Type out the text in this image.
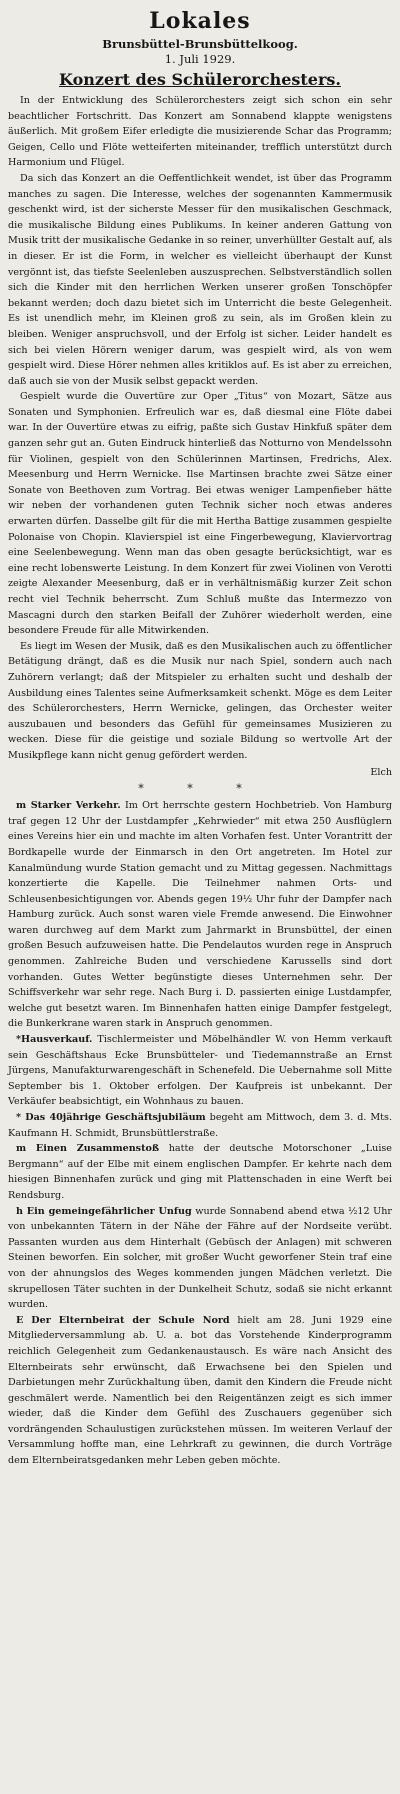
Lokales
Brunsbüttel-Brunsbüttelkoog.
1. Juli 1929.
Konzert des Schülerorchesters.

In der Entwicklung des Schülerorchesters zeigt sich schon ein sehr beachtlicher Fortschritt. Das Konzert am Sonnabend klappte wenigstens äußerlich. Mit großem Eifer erledigte die musizierende Schar das Programm; Geigen, Cello und Flöte wetteiferten miteinander, trefflich unterstützt durch Harmonium und Flügel.

Da sich das Konzert an die Oeffentlichkeit wendet, ist über das Programm manches zu sagen. Die Interesse, welches der sogenannten Kammermusik geschenkt wird, ist der sicherste Messer für den musikalischen Geschmack, die musikalische Bildung eines Publikums. In keiner anderen Gattung von Musik tritt der musikalische Gedanke in so reiner, unverhüllter Gestalt auf, als in dieser. Er ist die Form, in welcher es vielleicht überhaupt der Kunst vergönnt ist, das tiefste Seelenleben auszusprechen. Selbstverständlich sollen sich die Kinder mit den herrlichen Werken unserer großen Tonschöpfer bekannt werden; doch dazu bietet sich im Unterricht die beste Gelegenheit. Es ist unendlich mehr, im Kleinen groß zu sein, als im Großen klein zu bleiben. Weniger anspruchsvoll, und der Erfolg ist sicher. Leider handelt es sich bei vielen Hörern weniger darum, was gespielt wird, als von wem gespielt wird. Diese Hörer nehmen alles kritiklos auf. Es ist aber zu erreichen, daß auch sie von der Musik selbst gepackt werden.

Gespielt wurde die Ouvertüre zur Oper „Titus“ von Mozart, Sätze aus Sonaten und Symphonien. Erfreulich war es, daß diesmal eine Flöte dabei war. In der Ouvertüre etwas zu eifrig, paßte sich Gustav Hinkfuß später dem ganzen sehr gut an. Guten Eindruck hinterließ das Notturno von Mendelssohn für Violinen, gespielt von den Schülerinnen Martinsen, Fredrichs, Alex. Meesenburg und Herrn Wernicke. Ilse Martinsen brachte zwei Sätze einer Sonate von Beethoven zum Vortrag. Bei etwas weniger Lampenfieber hätte wir neben der vorhandenen guten Technik sicher noch etwas anderes erwarten dürfen. Dasselbe gilt für die mit Hertha Battige zusammen gespielte Polonaise von Chopin. Klavierspiel ist eine Fingerbewegung, Klaviervortrag eine Seelenbewegung. Wenn man das oben gesagte berücksichtigt, war es eine recht lobenswerte Leistung. In dem Konzert für zwei Violinen von Verotti zeigte Alexander Meesenburg, daß er in verhältnismäßig kurzer Zeit schon recht viel Technik beherrscht. Zum Schluß mußte das Intermezzo von Mascagni durch den starken Beifall der Zuhörer wiederholt werden, eine besondere Freude für alle Mitwirkenden.

Es liegt im Wesen der Musik, daß es den Musikalischen auch zu öffentlicher Betätigung drängt, daß es die Musik nur nach Spiel, sondern auch nach Zuhörern verlangt; daß der Mitspieler zu erhalten sucht und deshalb der Ausbildung eines Talentes seine Aufmerksamkeit schenkt. Möge es dem Leiter des Schülerorchesters, Herrn Wernicke, gelingen, das Orchester weiter auszubauen und besonders das Gefühl für gemeinsames Musizieren zu wecken. Diese für die geistige und soziale Bildung so wertvolle Art der Musikpflege kann nicht genug gefördert werden.

Elch
* * *

m Starker Verkehr. Im Ort herrschte gestern Hochbetrieb. Von Hamburg traf gegen 12 Uhr der Lustdampfer „Kehrwieder“ mit etwa 250 Ausflüglern eines Vereins hier ein und machte im alten Vorhafen fest. Unter Vorantritt der Bordkapelle wurde der Einmarsch in den Ort angetreten. Im Hotel zur Kanalmündung wurde Station gemacht und zu Mittag gegessen. Nachmittags konzertierte die Kapelle. Die Teilnehmer nahmen Orts- und Schleusenbesichtigungen vor. Abends gegen 19½ Uhr fuhr der Dampfer nach Hamburg zurück. Auch sonst waren viele Fremde anwesend. Die Einwohner waren durchweg auf dem Markt zum Jahrmarkt in Brunsbüttel, der einen großen Besuch aufzuweisen hatte. Die Pendelautos wurden rege in Anspruch genommen. Zahlreiche Buden und verschiedene Karussells sind dort vorhanden. Gutes Wetter begünstigte dieses Unternehmen sehr. Der Schiffsverkehr war sehr rege. Nach Burg i. D. passierten einige Lustdampfer, welche gut besetzt waren. Im Binnenhafen hatten einige Dampfer festgelegt, die Bunkerkrane waren stark in Anspruch genommen.

*Hausverkauf. Tischlermeister und Möbelhändler W. von Hemm verkauft sein Geschäftshaus Ecke Brunsbütteler- und Tiedemannstraße an Ernst Jürgens, Manufakturwarengeschäft in Schenefeld. Die Uebernahme soll Mitte September bis 1. Oktober erfolgen. Der Kaufpreis ist unbekannt. Der Verkäufer beabsichtigt, ein Wohnhaus zu bauen.

* Das 40jährige Geschäftsjubiläum begeht am Mittwoch, dem 3. d. Mts. Kaufmann H. Schmidt, Brunsbüttlerstraße.

m Einen Zusammenstoß hatte der deutsche Motorschoner „Luise Bergmann“ auf der Elbe mit einem englischen Dampfer. Er kehrte nach dem hiesigen Binnenhafen zurück und ging mit Plattenschaden in eine Werft bei Rendsburg.

h Ein gemeingefährlicher Unfug wurde Sonnabend abend etwa ½12 Uhr von unbekannten Tätern in der Nähe der Fähre auf der Nordseite verübt. Passanten wurden aus dem Hinterhalt (Gebüsch der Anlagen) mit schweren Steinen beworfen. Ein solcher, mit großer Wucht geworfener Stein traf eine von der ahnungslos des Weges kommenden jungen Mädchen verletzt. Die skrupellosen Täter suchten in der Dunkelheit Schutz, sodaß sie nicht erkannt wurden.

E Der Elternbeirat der Schule Nord hielt am 28. Juni 1929 eine Mitgliederversammlung ab. U. a. bot das Vorstehende Kinderprogramm reichlich Gelegenheit zum Gedankenaustausch. Es wäre nach Ansicht des Elternbeirats sehr erwünscht, daß Erwachsene bei den Spielen und Darbietungen mehr Zurückhaltung üben, damit den Kindern die Freude nicht geschmälert werde. Namentlich bei den Reigentänzen zeigt es sich immer wieder, daß die Kinder dem Gefühl des Zuschauers gegenüber sich vordrängenden Schaulustigen zurückstehen müssen. Im weiteren Verlauf der Versammlung hoffte man, eine Lehrkraft zu gewinnen, die durch Vorträge dem Elternbeiratsgedanken mehr Leben geben möchte.
